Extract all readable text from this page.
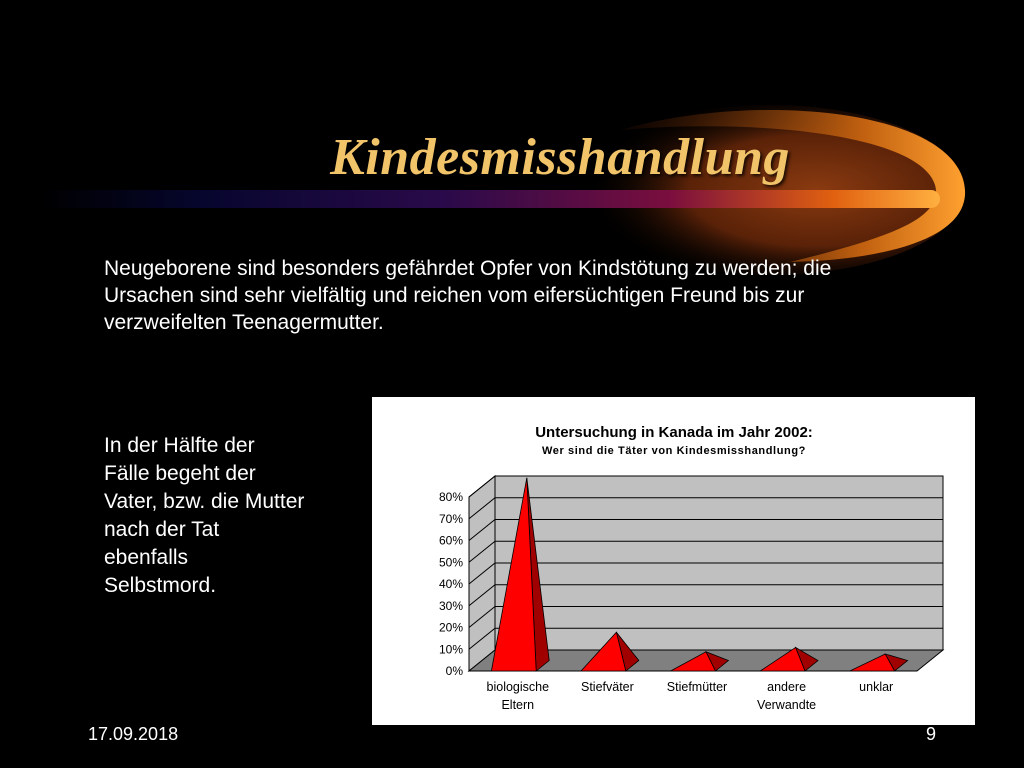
Kindesmisshandlung
Neugeborene sind besonders gefährdet Opfer von Kindstötung zu werden; die Ursachen sind sehr vielfältig und reichen vom eifersüchtigen Freund bis zur verzweifelten Teenagermutter.
In der Hälfte der
Fälle begeht der
Vater, bzw. die Mutter
nach der Tat
ebenfalls
Selbstmord.
Untersuchung in Kanada im Jahr 2002:
Wer sind die Täter von Kindesmisshandlung?
0%
10%
20%
30%
40%
50%
60%
70%
80%
biologische
Eltern
Stiefväter	Stiefmütter	andere
Verwandte
unklar
17.09.2018	9
